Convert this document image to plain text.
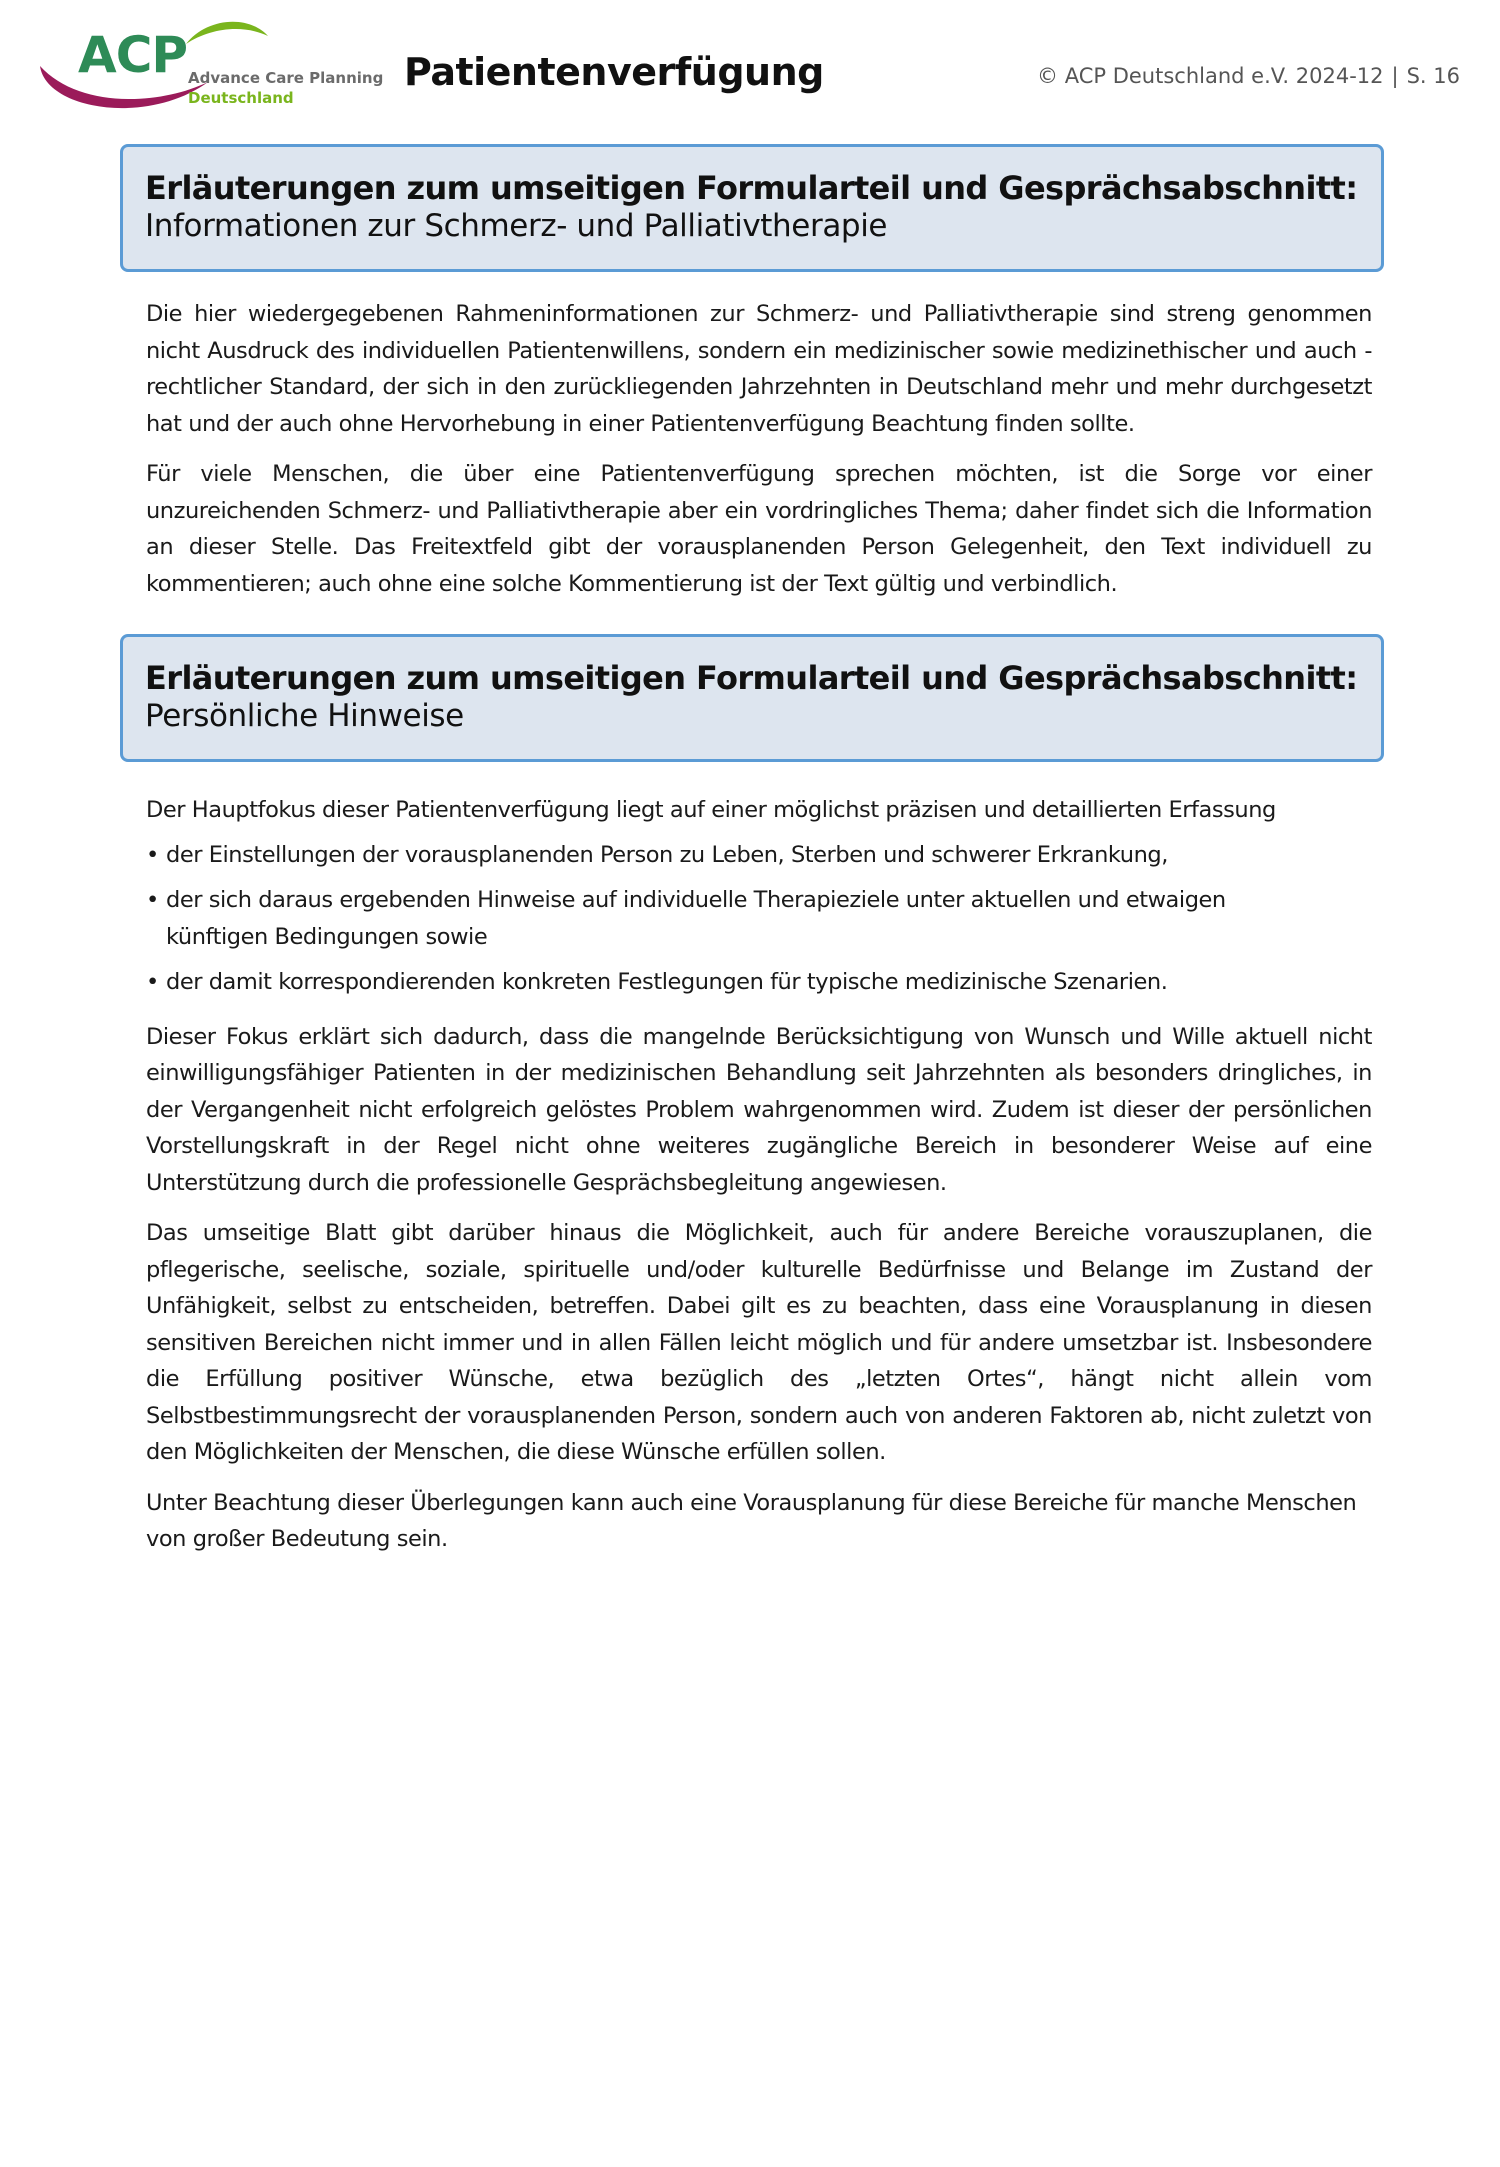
ACP Advance Care Planning
Deutschland
Patientenverfügung	© ACP Deutschland e.V. 2024-12 | S. 16
Erläuterungen zum umseitigen Formularteil und Gesprächsabschnitt:
Informationen zur Schmerz- und Palliativtherapie

Die hier wiedergegebenen Rahmeninformationen zur Schmerz- und Palliativtherapie sind streng genommen nicht Ausdruck des individuellen Patientenwillens, sondern ein medizinischer sowie medizinethischer und auch -rechtlicher Standard, der sich in den zurückliegenden Jahrzehnten in Deutschland mehr und mehr durchgesetzt hat und der auch ohne Hervorhebung in einer Patientenverfügung Beachtung finden sollte.

Für viele Menschen, die über eine Patientenverfügung sprechen möchten, ist die Sorge vor einer unzureichenden Schmerz- und Palliativtherapie aber ein vordringliches Thema; daher findet sich die Information an dieser Stelle. Das Freitextfeld gibt der vorausplanenden Person Gelegenheit, den Text individuell zu kommentieren; auch ohne eine solche Kommentierung ist der Text gültig und verbindlich.

Erläuterungen zum umseitigen Formularteil und Gesprächsabschnitt:
Persönliche Hinweise

Der Hauptfokus dieser Patientenverfügung liegt auf einer möglichst präzisen und detaillierten Erfassung

• der Einstellungen der vorausplanenden Person zu Leben, Sterben und schwerer Erkrankung,
• der sich daraus ergebenden Hinweise auf individuelle Therapieziele unter aktuellen und etwaigen künftigen Bedingungen sowie
• der damit korrespondierenden konkreten Festlegungen für typische medizinische Szenarien.

Dieser Fokus erklärt sich dadurch, dass die mangelnde Berücksichtigung von Wunsch und Wille aktuell nicht einwilligungsfähiger Patienten in der medizinischen Behandlung seit Jahrzehnten als besonders dringliches, in der Vergangenheit nicht erfolgreich gelöstes Problem wahrgenommen wird. Zudem ist dieser der persönlichen Vorstellungskraft in der Regel nicht ohne weiteres zugängliche Bereich in besonderer Weise auf eine Unterstützung durch die professionelle Gesprächsbegleitung angewiesen.

Das umseitige Blatt gibt darüber hinaus die Möglichkeit, auch für andere Bereiche vorauszuplanen, die pflegerische, seelische, soziale, spirituelle und/oder kulturelle Bedürfnisse und Belange im Zustand der Unfähigkeit, selbst zu entscheiden, betreffen. Dabei gilt es zu beachten, dass eine Vorausplanung in diesen sensitiven Bereichen nicht immer und in allen Fällen leicht möglich und für andere umsetzbar ist. Insbesondere die Erfüllung positiver Wünsche, etwa bezüglich des „letzten Ortes“, hängt nicht allein vom Selbstbestimmungsrecht der vorausplanenden Person, sondern auch von anderen Faktoren ab, nicht zuletzt von den Möglichkeiten der Menschen, die diese Wünsche erfüllen sollen.

Unter Beachtung dieser Überlegungen kann auch eine Vorausplanung für diese Bereiche für manche Menschen von großer Bedeutung sein.
